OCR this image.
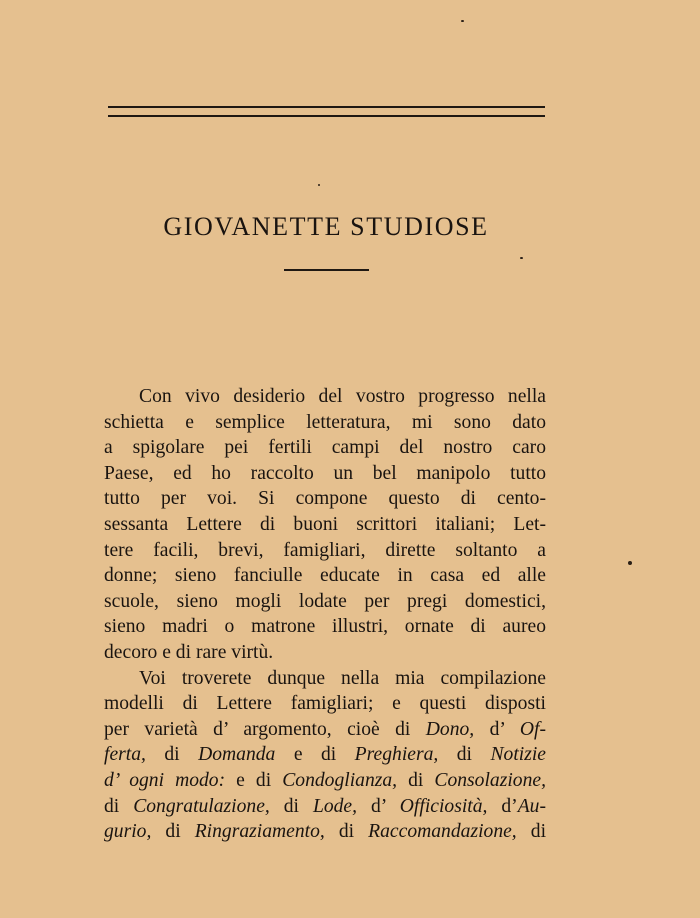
GIOVANETTE STUDIOSE
Con vivo desiderio del vostro progresso nella
schietta e semplice letteratura, mi sono dato
a spigolare pei fertili campi del nostro caro
Paese, ed ho raccolto un bel manipolo tutto
tutto per voi. Si compone questo di cento-
sessanta Lettere di buoni scrittori italiani; Let-
tere facili, brevi, famigliari, dirette soltanto a
donne; sieno fanciulle educate in casa ed alle
scuole, sieno mogli lodate per pregi domestici,
sieno madri o matrone illustri, ornate di aureo
decoro e di rare virtù.
Voi troverete dunque nella mia compilazione
modelli di Lettere famigliari; e questi disposti
per varietà d’ argomento, cioè di Dono, d’ Of-
ferta, di Domanda e di Preghiera, di Notizie
d’ ogni modo: e di Condoglianza, di Consolazione,
di Congratulazione, di Lode, d’ Officiosità, d’Au-
gurio, di Ringraziamento, di Raccomandazione, di
